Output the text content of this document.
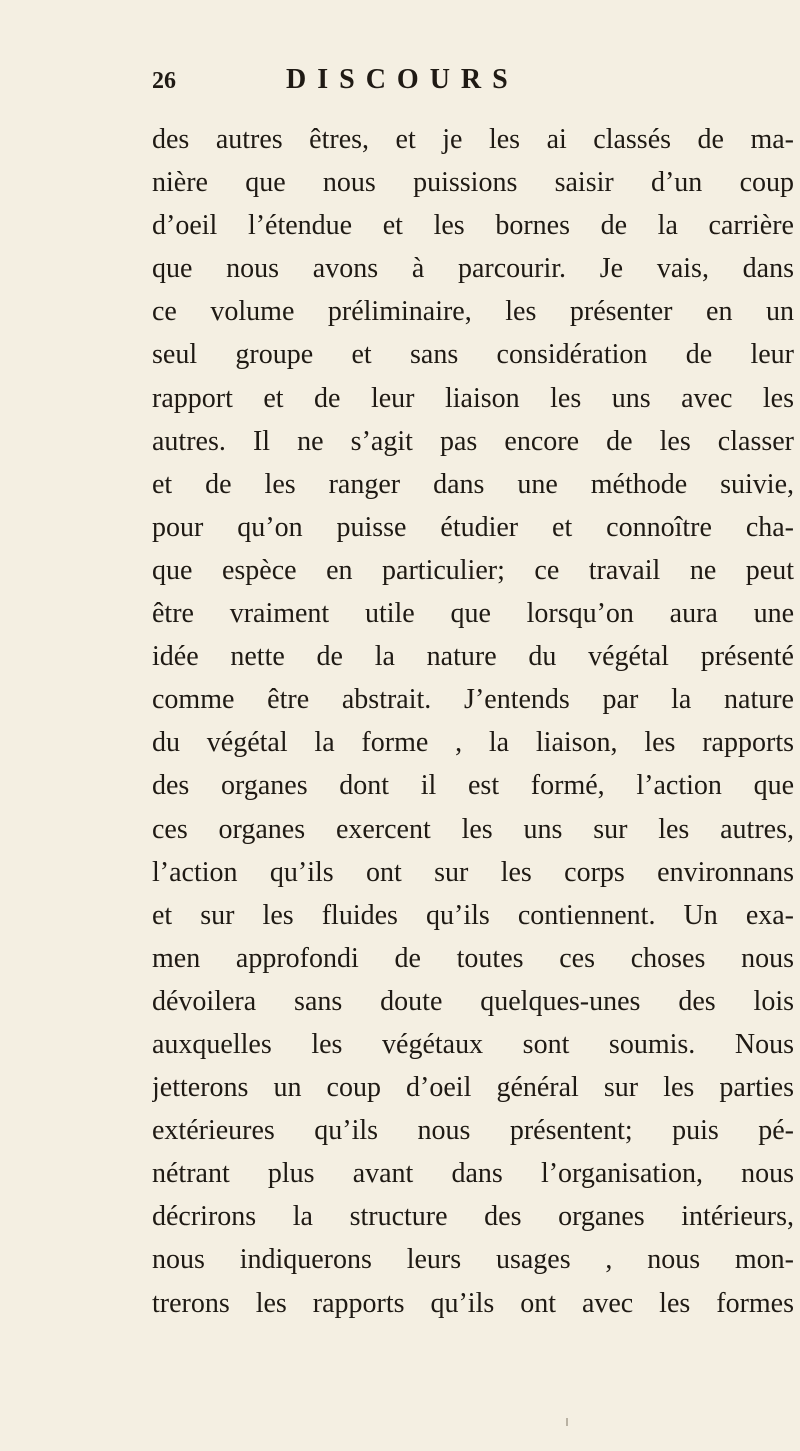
26	DISCOURS
des autres êtres, et je les ai classés de ma-
nière que nous puissions saisir d’un coup
d’oeil l’étendue et les bornes de la carrière
que nous avons à parcourir. Je vais, dans
ce volume préliminaire, les présenter en un
seul groupe et sans considération de leur
rapport et de leur liaison les uns avec les
autres. Il ne s’agit pas encore de les classer
et de les ranger dans une méthode suivie,
pour qu’on puisse étudier et connoître cha-
que espèce en particulier; ce travail ne peut
être vraiment utile que lorsqu’on aura une
idée nette de la nature du végétal présenté
comme être abstrait. J’entends par la nature
du végétal la forme , la liaison, les rapports
des organes dont il est formé, l’action que
ces organes exercent les uns sur les autres,
l’action qu’ils ont sur les corps environnans
et sur les fluides qu’ils contiennent. Un exa-
men approfondi de toutes ces choses nous
dévoilera sans doute quelques-unes des lois
auxquelles les végétaux sont soumis. Nous
jetterons un coup d’oeil général sur les parties
extérieures qu’ils nous présentent; puis pé-
nétrant plus avant dans l’organisation, nous
décrirons la structure des organes intérieurs,
nous indiquerons leurs usages , nous mon-
trerons les rapports qu’ils ont avec les formes
